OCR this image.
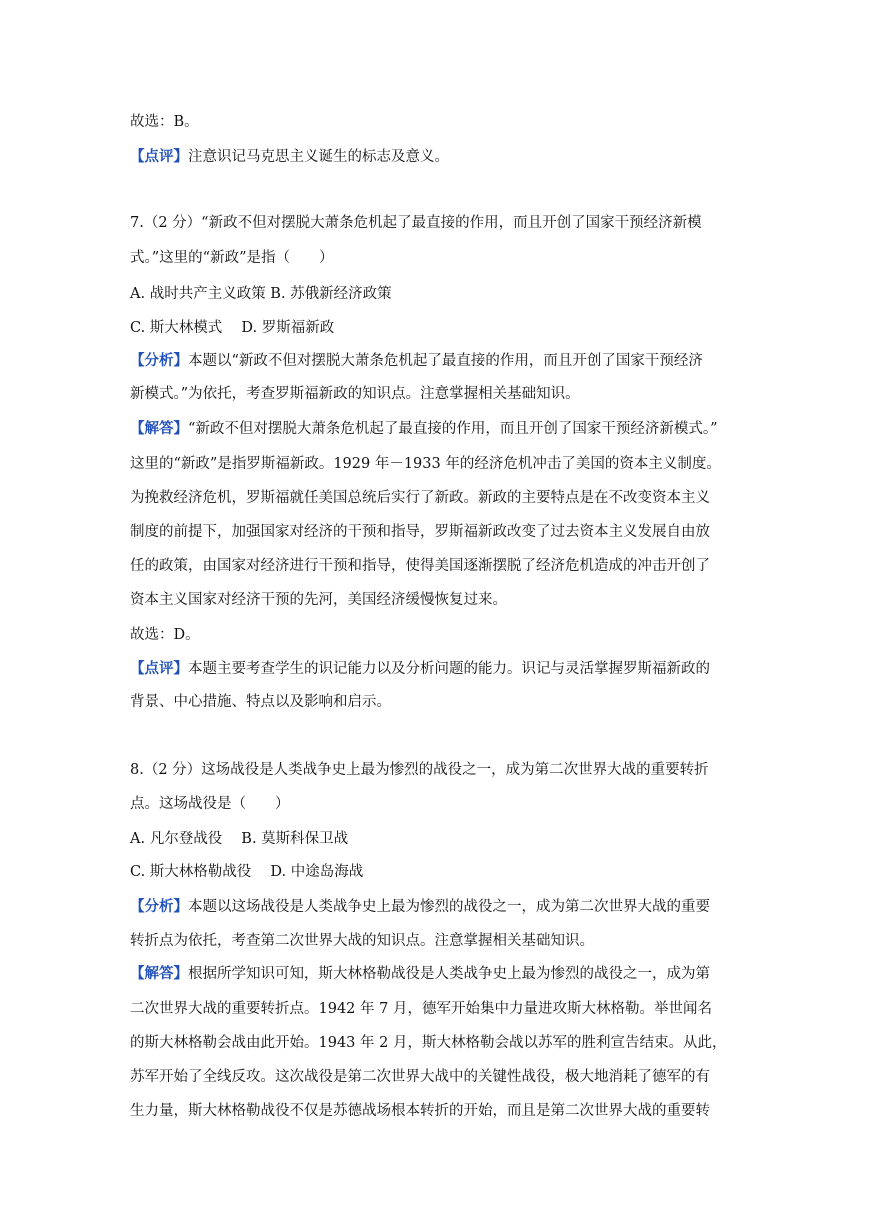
故选：B。
【点评】注意识记马克思主义诞生的标志及意义。
7.（2 分）“新政不但对摆脱大萧条危机起了最直接的作用，而且开创了国家干预经济新模
式。”这里的“新政”是指（　　）
A. 战时共产主义政策 B. 苏俄新经济政策
C. 斯大林模式　 D. 罗斯福新政
【分析】本题以“新政不但对摆脱大萧条危机起了最直接的作用，而且开创了国家干预经济
新模式。”为依托，考查罗斯福新政的知识点。注意掌握相关基础知识。
【解答】“新政不但对摆脱大萧条危机起了最直接的作用，而且开创了国家干预经济新模式。”
这里的“新政”是指罗斯福新政。1929 年－1933 年的经济危机冲击了美国的资本主义制度。
为挽救经济危机，罗斯福就任美国总统后实行了新政。新政的主要特点是在不改变资本主义
制度的前提下，加强国家对经济的干预和指导，罗斯福新政改变了过去资本主义发展自由放
任的政策，由国家对经济进行干预和指导，使得美国逐渐摆脱了经济危机造成的冲击开创了
资本主义国家对经济干预的先河，美国经济缓慢恢复过来。
故选：D。
【点评】本题主要考查学生的识记能力以及分析问题的能力。识记与灵活掌握罗斯福新政的
背景、中心措施、特点以及影响和启示。
8.（2 分）这场战役是人类战争史上最为惨烈的战役之一，成为第二次世界大战的重要转折
点。这场战役是（　　）
A. 凡尔登战役　 B. 莫斯科保卫战
C. 斯大林格勒战役　 D. 中途岛海战
【分析】本题以这场战役是人类战争史上最为惨烈的战役之一，成为第二次世界大战的重要
转折点为依托，考查第二次世界大战的知识点。注意掌握相关基础知识。
【解答】根据所学知识可知，斯大林格勒战役是人类战争史上最为惨烈的战役之一，成为第
二次世界大战的重要转折点。1942 年 7 月，德军开始集中力量进攻斯大林格勒。举世闻名
的斯大林格勒会战由此开始。1943 年 2 月，斯大林格勒会战以苏军的胜利宣告结束。从此，
苏军开始了全线反攻。这次战役是第二次世界大战中的关键性战役，极大地消耗了德军的有
生力量，斯大林格勒战役不仅是苏德战场根本转折的开始，而且是第二次世界大战的重要转
